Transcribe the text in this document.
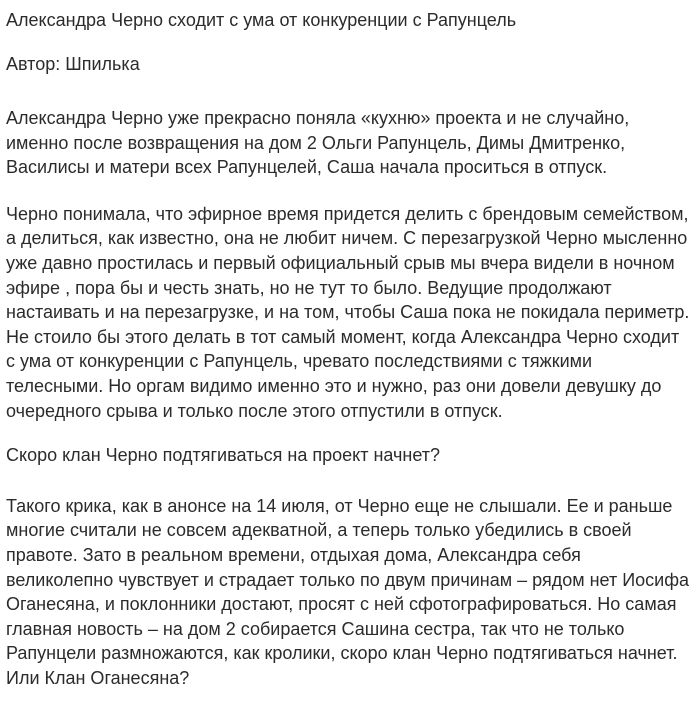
Александра Черно сходит с ума от конкуренции с Рапунцель

Автор: Шпилька

Александра Черно уже прекрасно поняла «кухню» проекта и не случайно, именно после возвращения на дом 2 Ольги Рапунцель, Димы Дмитренко, Василисы и матери всех Рапунцелей, Саша начала проситься в отпуск.

Черно понимала, что эфирное время придется делить с брендовым семейством, а делиться, как известно, она не любит ничем. С перезагрузкой Черно мысленно уже давно простилась и первый официальный срыв мы вчера видели в ночном эфире , пора бы и честь знать, но не тут то было. Ведущие продолжают настаивать и на перезагрузке, и на том, чтобы Саша пока не покидала периметр. Не стоило бы этого делать в тот самый момент, когда Александра Черно сходит с ума от конкуренции с Рапунцель, чревато последствиями с тяжкими телесными. Но оргам видимо именно это и нужно, раз они довели девушку до очередного срыва и только после этого отпустили в отпуск.

Скоро клан Черно подтягиваться на проект начнет?

Такого крика, как в анонсе на 14 июля, от Черно еще не слышали. Ее и раньше многие считали не совсем адекватной, а теперь только убедились в своей правоте. Зато в реальном времени, отдыхая дома, Александра себя великолепно чувствует и страдает только по двум причинам – рядом нет Иосифа Оганесяна, и поклонники достают, просят с ней сфотографироваться. Но самая главная новость – на дом 2 собирается Сашина сестра, так что не только Рапунцели размножаются, как кролики, скоро клан Черно подтягиваться начнет. Или Клан Оганесяна?
